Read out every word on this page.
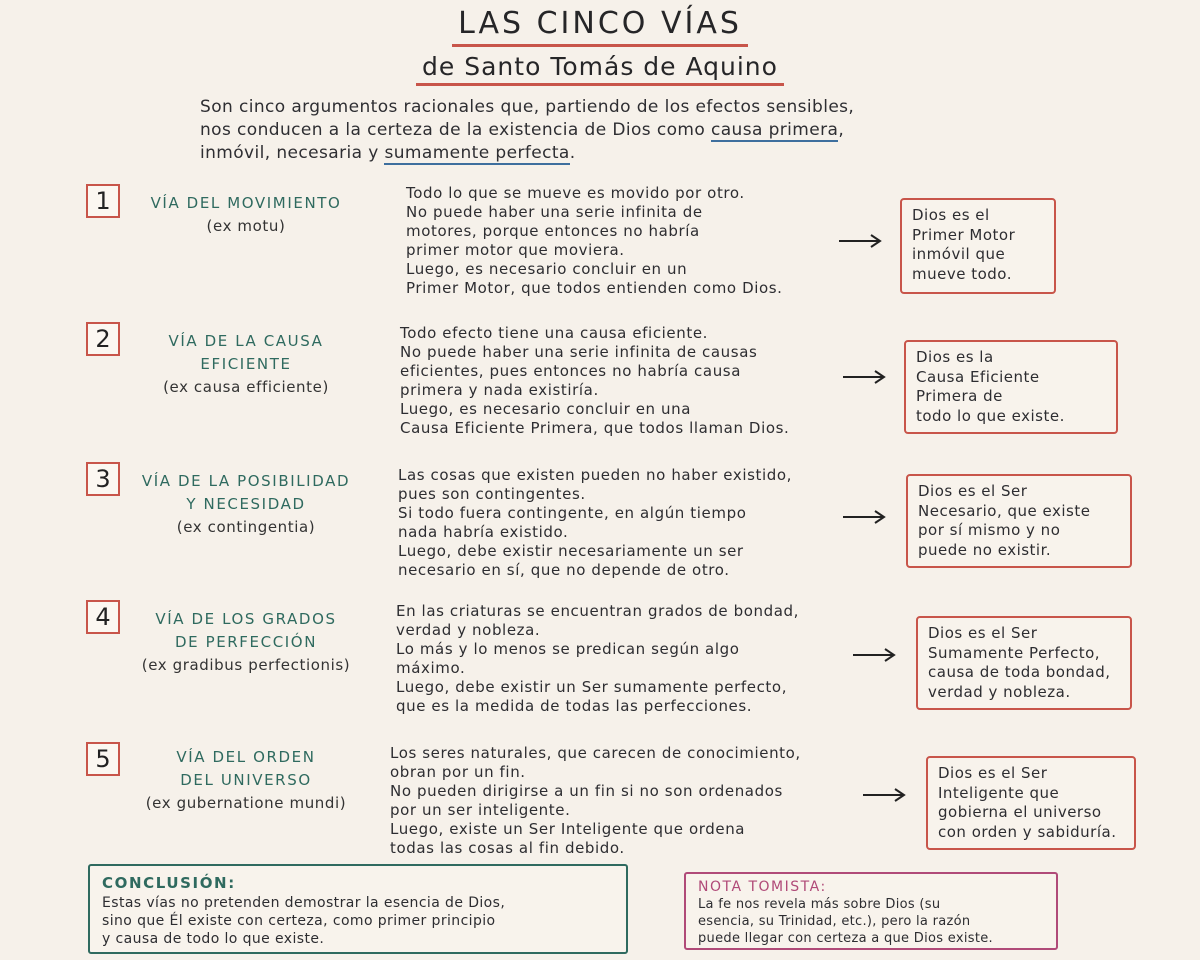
LAS CINCO VÍAS
de Santo Tomás de Aquino
Son cinco argumentos racionales que, partiendo de los efectos sensibles,
nos conducen a la certeza de la existencia de Dios como causa primera,
inmóvil, necesaria y sumamente perfecta.
1	VÍA DEL MOVIMIENTO
(ex motu)
Todo lo que se mueve es movido por otro.
No puede haber una serie infinita de
motores, porque entonces no habría
primer motor que moviera.
Luego, es necesario concluir en un
Primer Motor, que todos entienden como Dios.
Dios es el
Primer Motor
inmóvil que
mueve todo.
2	VÍA DE LA CAUSA
EFICIENTE
(ex causa efficiente)
Todo efecto tiene una causa eficiente.
No puede haber una serie infinita de causas
eficientes, pues entonces no habría causa
primera y nada existiría.
Luego, es necesario concluir en una
Causa Eficiente Primera, que todos llaman Dios.
Dios es la
Causa Eficiente
Primera de
todo lo que existe.
3	VÍA DE LA POSIBILIDAD
Y NECESIDAD
(ex contingentia)
Las cosas que existen pueden no haber existido,
pues son contingentes.
Si todo fuera contingente, en algún tiempo
nada habría existido.
Luego, debe existir necesariamente un ser
necesario en sí, que no depende de otro.
Dios es el Ser
Necesario, que existe
por sí mismo y no
puede no existir.
4	VÍA DE LOS GRADOS
DE PERFECCIÓN
(ex gradibus perfectionis)
En las criaturas se encuentran grados de bondad,
verdad y nobleza.
Lo más y lo menos se predican según algo
máximo.
Luego, debe existir un Ser sumamente perfecto,
que es la medida de todas las perfecciones.
Dios es el Ser
Sumamente Perfecto,
causa de toda bondad,
verdad y nobleza.
5	VÍA DEL ORDEN
DEL UNIVERSO
(ex gubernatione mundi)
Los seres naturales, que carecen de conocimiento,
obran por un fin.
No pueden dirigirse a un fin si no son ordenados
por un ser inteligente.
Luego, existe un Ser Inteligente que ordena
todas las cosas al fin debido.
Dios es el Ser
Inteligente que
gobierna el universo
con orden y sabiduría.
CONCLUSIÓN:
Estas vías no pretenden demostrar la esencia de Dios,
sino que Él existe con certeza, como primer principio
y causa de todo lo que existe.
NOTA TOMISTA:
La fe nos revela más sobre Dios (su
esencia, su Trinidad, etc.), pero la razón
puede llegar con certeza a que Dios existe.
